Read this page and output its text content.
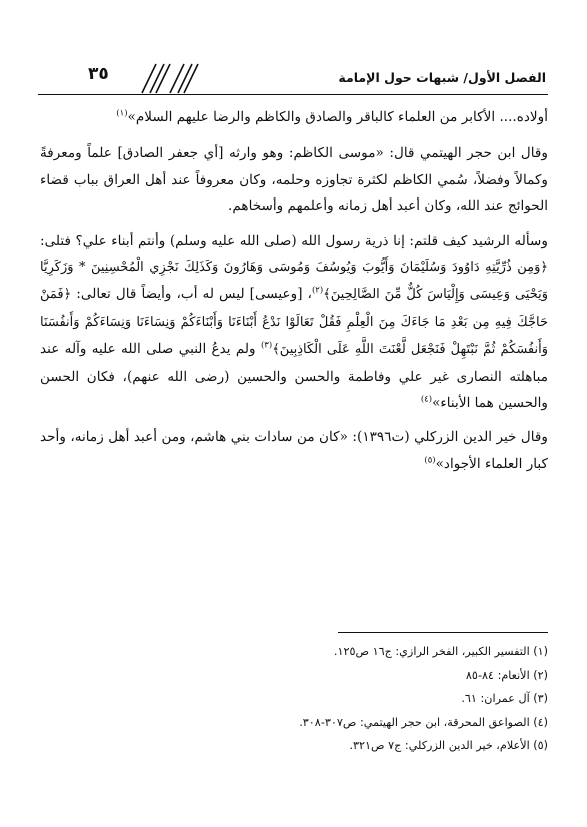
٣٥	الفصل الأول/ شبهات حول الإمامة

أولاده.... الأكابر من العلماء كالباقر والصادق والكاظم والرضا عليهم السلام»$^{(١)}$

وقال ابن حجر الهيتمي قال: «موسى الكاظم: وهو وارثه [أي جعفر الصادق] علماً ومعرفةً وكمالاً وفضلاً، سُمي الكاظم لكثرة تجاوزه وحلمه، وكان معروفاً عند أهل العراق بباب قضاء الحوائج عند الله، وكان أعبد أهل زمانه وأعلمهم وأسخاهم.

وسأله الرشيد كيف قلتم: إنا ذرية رسول الله (صلى الله عليه وسلم) وأنتم أبناء علي؟ فتلى: ﴿وَمِن ذُرِّيَّتِهِ دَاوُودَ وَسُلَيْمَانَ وَأَيُّوبَ وَيُوسُفَ وَمُوسَى وَهَارُونَ وَكَذَلِكَ نَجْزِي الْمُحْسِنِينَ * وَزَكَرِيَّا وَيَحْيَى وَعِيسَى وَإِلْيَاسَ كُلٌّ مِّنَ الصَّالِحِينَ﴾$^{(٢)}$، [وعيسى] ليس له أب، وأيضاً قال تعالى: ﴿فَمَنْ حَاجَّكَ فِيهِ مِن بَعْدِ مَا جَاءَكَ مِنَ الْعِلْمِ فَقُلْ تَعَالَوْا نَدْعُ أَبْنَاءَنَا وَأَبْنَاءَكُمْ وَنِسَاءَنَا وَنِسَاءَكُمْ وَأَنفُسَنَا وَأَنفُسَكُمْ ثُمَّ نَبْتَهِلْ فَنَجْعَل لَّعْنَتَ اللَّهِ عَلَى الْكَاذِبِينَ﴾$^{(٣)}$ ولم يدعُ النبي صلى الله عليه وآله عند مباهلته النصارى غير علي وفاطمة والحسن والحسين (رضى الله عنهم)، فكان الحسن والحسين هما الأبناء»$^{(٤)}$

وقال خير الدين الزركلي (ت١٣٩٦): «كان من سادات بني هاشم، ومن أعبد أهل زمانه، وأحد كبار العلماء الأجواد»$^{(٥)}$

(١) التفسير الكبير، الفخر الرازي: ج١٦ ص١٢٥.
(٢) الأنعام: ٨٤-٨٥
(٣) آل عمران: ٦١.
(٤) الصواعق المحرقة، ابن حجر الهيتمي: ص٣٠٧-٣٠٨.
(٥) الأعلام، خير الدين الزركلي: ج٧ ص٣٢١.
